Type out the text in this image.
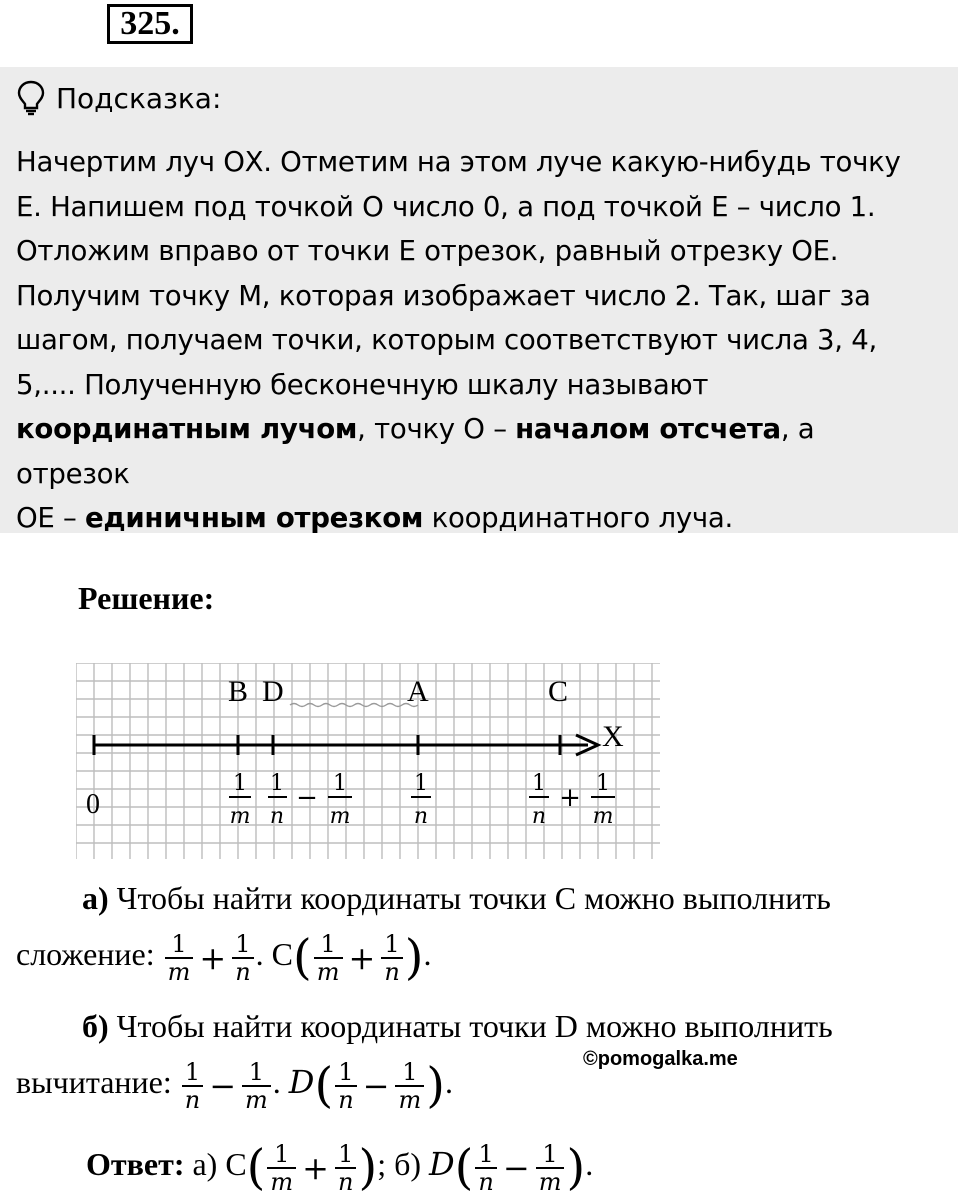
325.
Подсказка:
Начертим луч ОХ. Отметим на этом луче какую-нибудь точку
Е. Напишем под точкой О число 0, а под точкой Е – число 1.
Отложим вправо от точки Е отрезок, равный отрезку ОЕ.
Получим точку М, которая изображает число 2. Так, шаг за
шагом, получаем точки, которым соответствуют числа 3, 4,
5,.... Полученную бесконечную шкалу называют
координатным лучом, точку О – началом отсчета, а отрезок
ОЕ – единичным отрезком координатного луча.
Решение:
B D	A	C
X
0
1
m
1
n
− 1
m
1
n
1
n
+ 1
m
а) Чтобы найти координаты точки С можно выполнить
сложение: $\frac{1}{m} + \frac{1}{n}$ . $С( \frac{1}{m} + \frac{1}{n}$ ).
б) Чтобы найти координаты точки D можно выполнить
вычитание: $\frac{1}{n} - \frac{1}{m}$ . $D( \frac{1}{n} - \frac{1}{m}$ ).
©pomogalka.me
Ответ: а) $С( \frac{1}{m} + \frac{1}{n}$ ); б) $D( \frac{1}{n} - \frac{1}{m}$ ).
